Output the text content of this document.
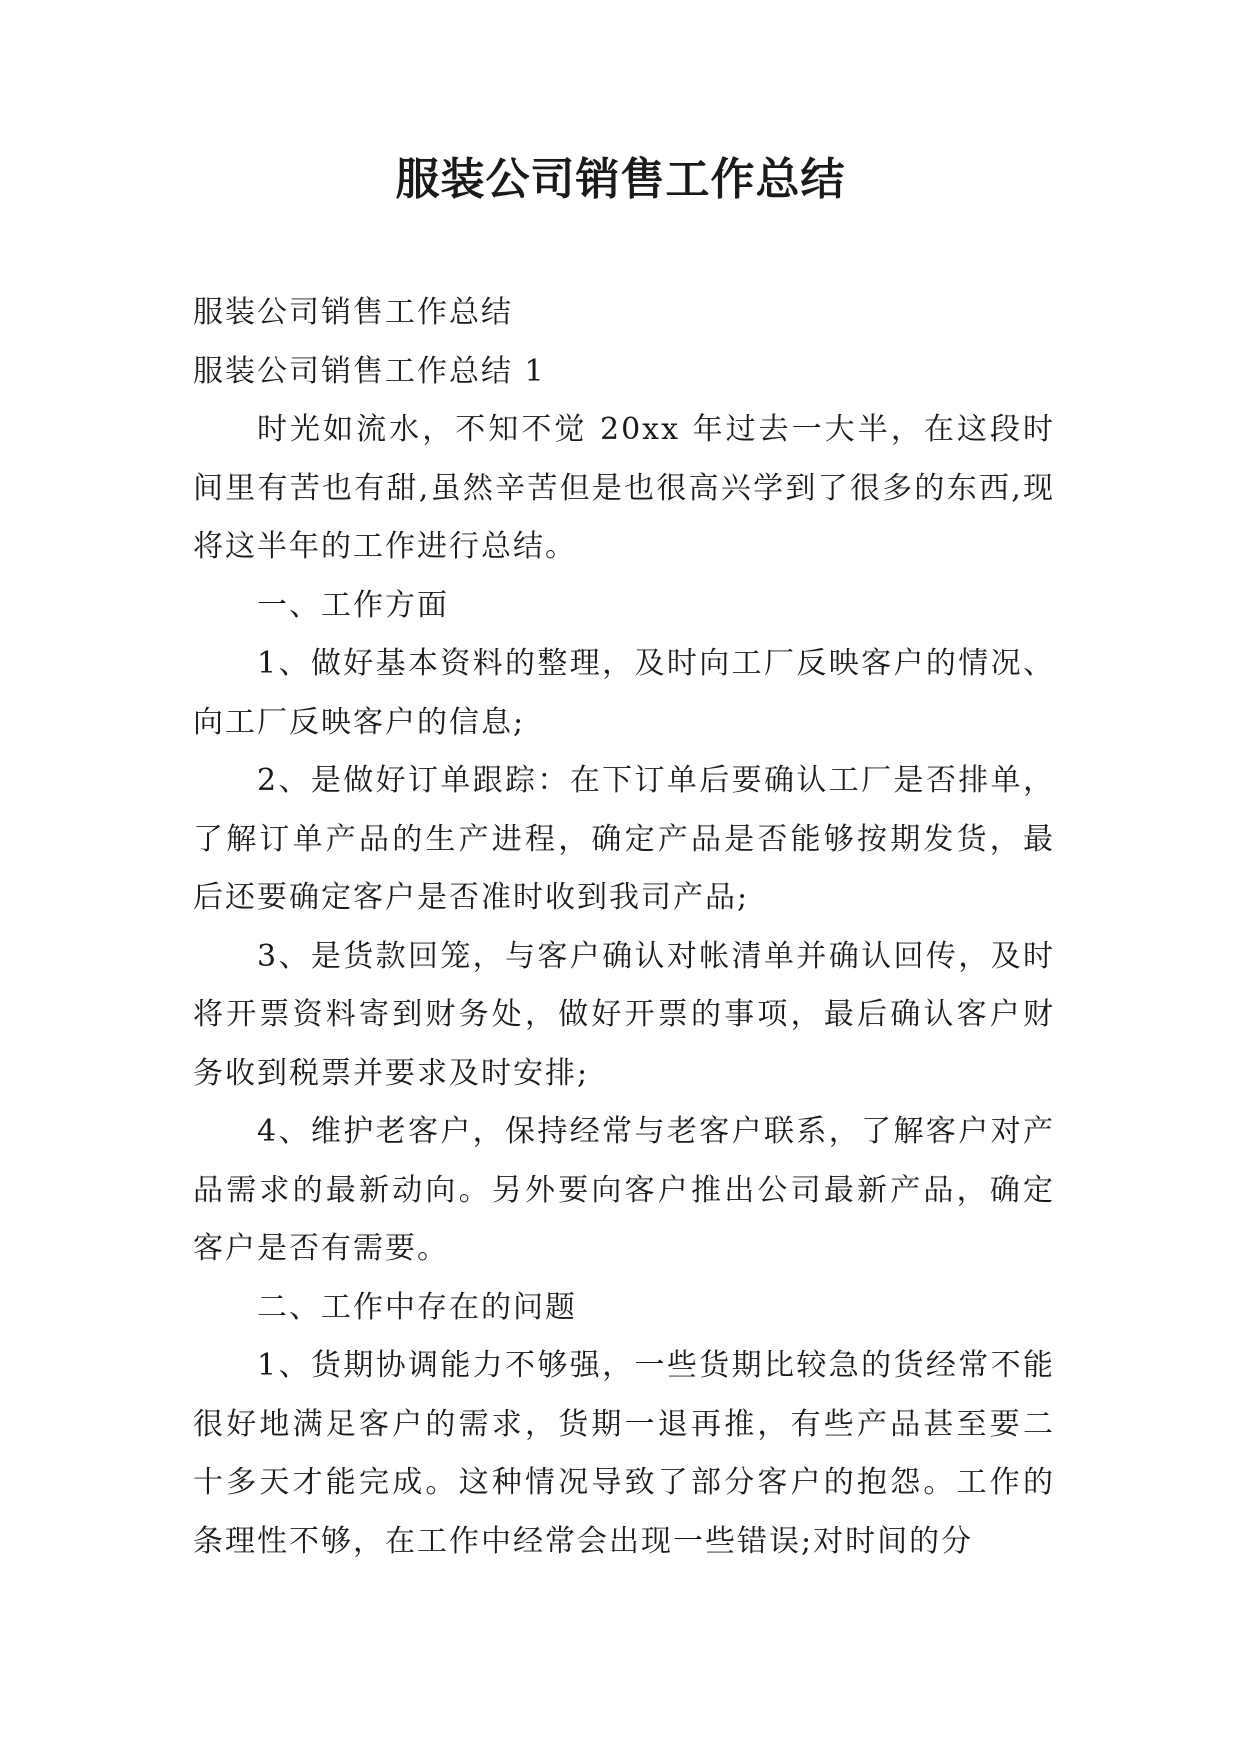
服装公司销售工作总结

服装公司销售工作总结

服装公司销售工作总结 1

时光如流水，不知不觉 20xx 年过去一大半，在这段时间里有苦也有甜,虽然辛苦但是也很高兴学到了很多的东西,现将这半年的工作进行总结。

一、工作方面

1、做好基本资料的整理，及时向工厂反映客户的情况、向工厂反映客户的信息;

2、是做好订单跟踪：在下订单后要确认工厂是否排单，了解订单产品的生产进程，确定产品是否能够按期发货，最后还要确定客户是否准时收到我司产品;

3、是货款回笼，与客户确认对帐清单并确认回传，及时将开票资料寄到财务处，做好开票的事项，最后确认客户财务收到税票并要求及时安排;

4、维护老客户，保持经常与老客户联系，了解客户对产品需求的最新动向。另外要向客户推出公司最新产品，确定客户是否有需要。

二、工作中存在的问题

1、货期协调能力不够强，一些货期比较急的货经常不能很好地满足客户的需求，货期一退再推，有些产品甚至要二十多天才能完成。这种情况导致了部分客户的抱怨。工作的条理性不够，在工作中经常会出现一些错误;对时间的分
